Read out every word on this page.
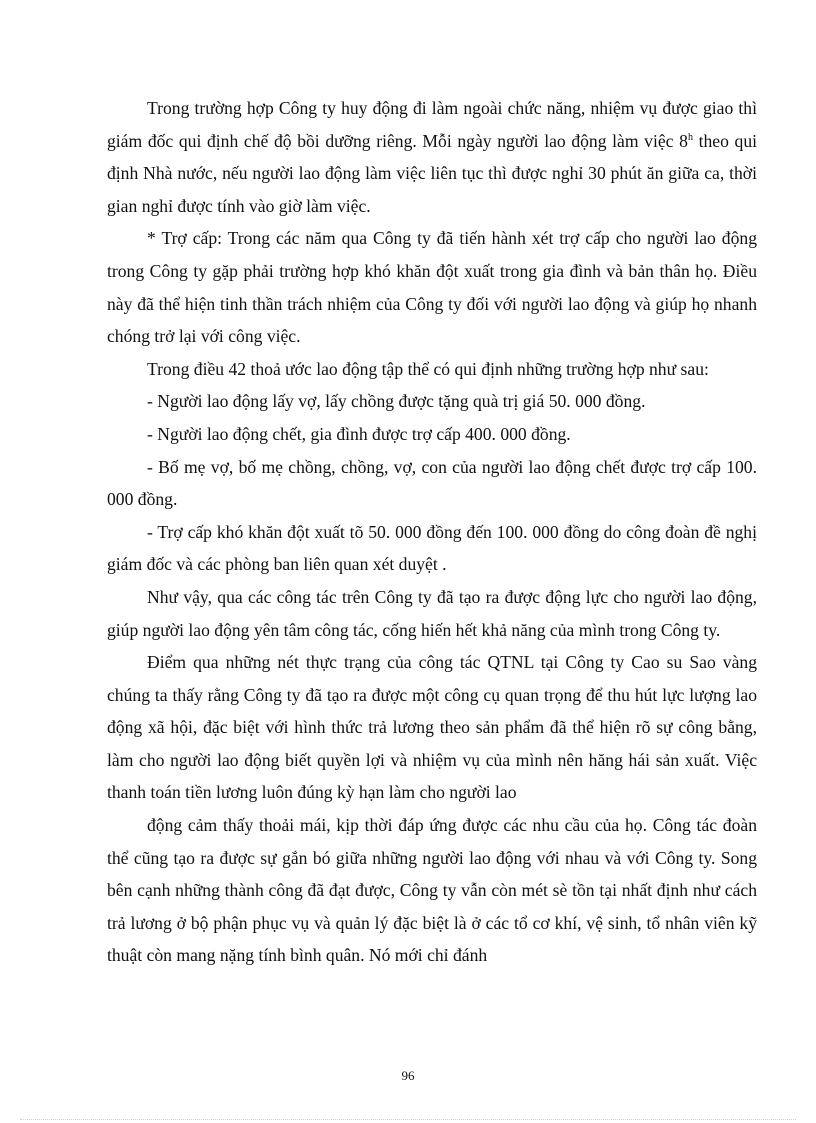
Trong trường hợp Công ty huy động đi làm ngoài chức năng, nhiệm vụ được giao thì giám đốc qui định chế độ bồi dưỡng riêng. Mỗi ngày người lao động làm việc 8$^h$ theo qui định Nhà nước, nếu người lao động làm việc liên tục thì được nghỉ 30 phút ăn giữa ca, thời gian nghỉ được tính vào giờ làm việc.

* Trợ cấp: Trong các năm qua Công ty đã tiến hành xét trợ cấp cho người lao động trong Công ty gặp phải trường hợp khó khăn đột xuất trong gia đình và bản thân họ. Điều này đã thể hiện tinh thần trách nhiệm của Công ty đối với người lao động và giúp họ nhanh chóng trở lại với công việc.

Trong điều 42 thoả ước lao động tập thể có qui định những trường hợp như sau:

- Người lao động lấy vợ, lấy chồng được tặng quà trị giá 50. 000 đồng.

- Người lao động chết, gia đình được trợ cấp 400. 000 đồng.

- Bố mẹ vợ, bố mẹ chồng, chồng, vợ, con của người lao động chết được trợ cấp 100. 000 đồng.

- Trợ cấp khó khăn đột xuất tõ 50. 000 đồng đến 100. 000 đồng do công đoàn đề nghị giám đốc và các phòng ban liên quan xét duyệt .

Như vậy, qua các công tác trên Công ty đã tạo ra được động lực cho người lao động, giúp người lao động yên tâm công tác, cống hiến hết khả năng của mình trong Công ty.

Điểm qua những nét thực trạng của công tác QTNL tại Công ty Cao su Sao vàng chúng ta thấy rằng Công ty đã tạo ra được một công cụ quan trọng để thu hút lực lượng lao động xã hội, đặc biệt với hình thức trả lương theo sản phẩm đã thể hiện rõ sự công bằng, làm cho người lao động biết quyền lợi và nhiệm vụ của mình nên hăng hái sản xuất. Việc thanh toán tiền lương luôn đúng kỳ hạn làm cho người lao

động cảm thấy thoải mái, kịp thời đáp ứng được các nhu cầu của họ. Công tác đoàn thể cũng tạo ra được sự gắn bó giữa những người lao động với nhau và với Công ty. Song bên cạnh những thành công đã đạt được, Công ty vẫn còn mét sè tồn tại nhất định như cách trả lương ở bộ phận phục vụ và quản lý đặc biệt là ở các tổ cơ khí, vệ sinh, tổ nhân viên kỹ thuật còn mang nặng tính bình quân. Nó mới chỉ đánh

96
